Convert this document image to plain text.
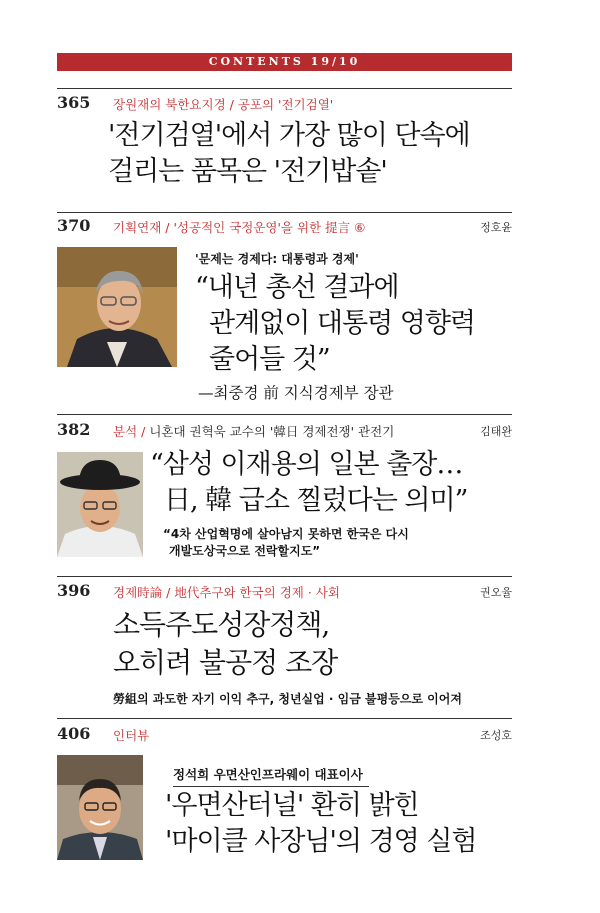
CONTENTS 19/10
365 장원재의 북한요지경 / 공포의 '전기검열'
'전기검열'에서 가장 많이 단속에
걸리는 품목은 '전기밥솥'
370 기획연재 / '성공적인 국정운영'을 위한 提言 ⑥	정호윤
'문제는 경제다: 대통령과 경제'
“내년 총선 결과에
관계없이 대통령 영향력
줄어들 것”
—최중경 前 지식경제부 장관
382 분석 / 니혼대 권혁욱 교수의 '韓日 경제전쟁' 관전기	김태완
“삼성 이재용의 일본 출장…
日, 韓 급소 찔렀다는 의미”
“4차 산업혁명에 살아남지 못하면 한국은 다시
개발도상국으로 전락할지도”
396 경제時論 / 地代추구와 한국의 경제 · 사회	권오율
소득주도성장정책,
오히려 불공정 조장
勞組의 과도한 자기 이익 추구, 청년실업 · 임금 불평등으로 이어져
406 인터뷰	조성호
정석희 우면산인프라웨이 대표이사
'우면산터널' 환히 밝힌
'마이클 사장님'의 경영 실험
